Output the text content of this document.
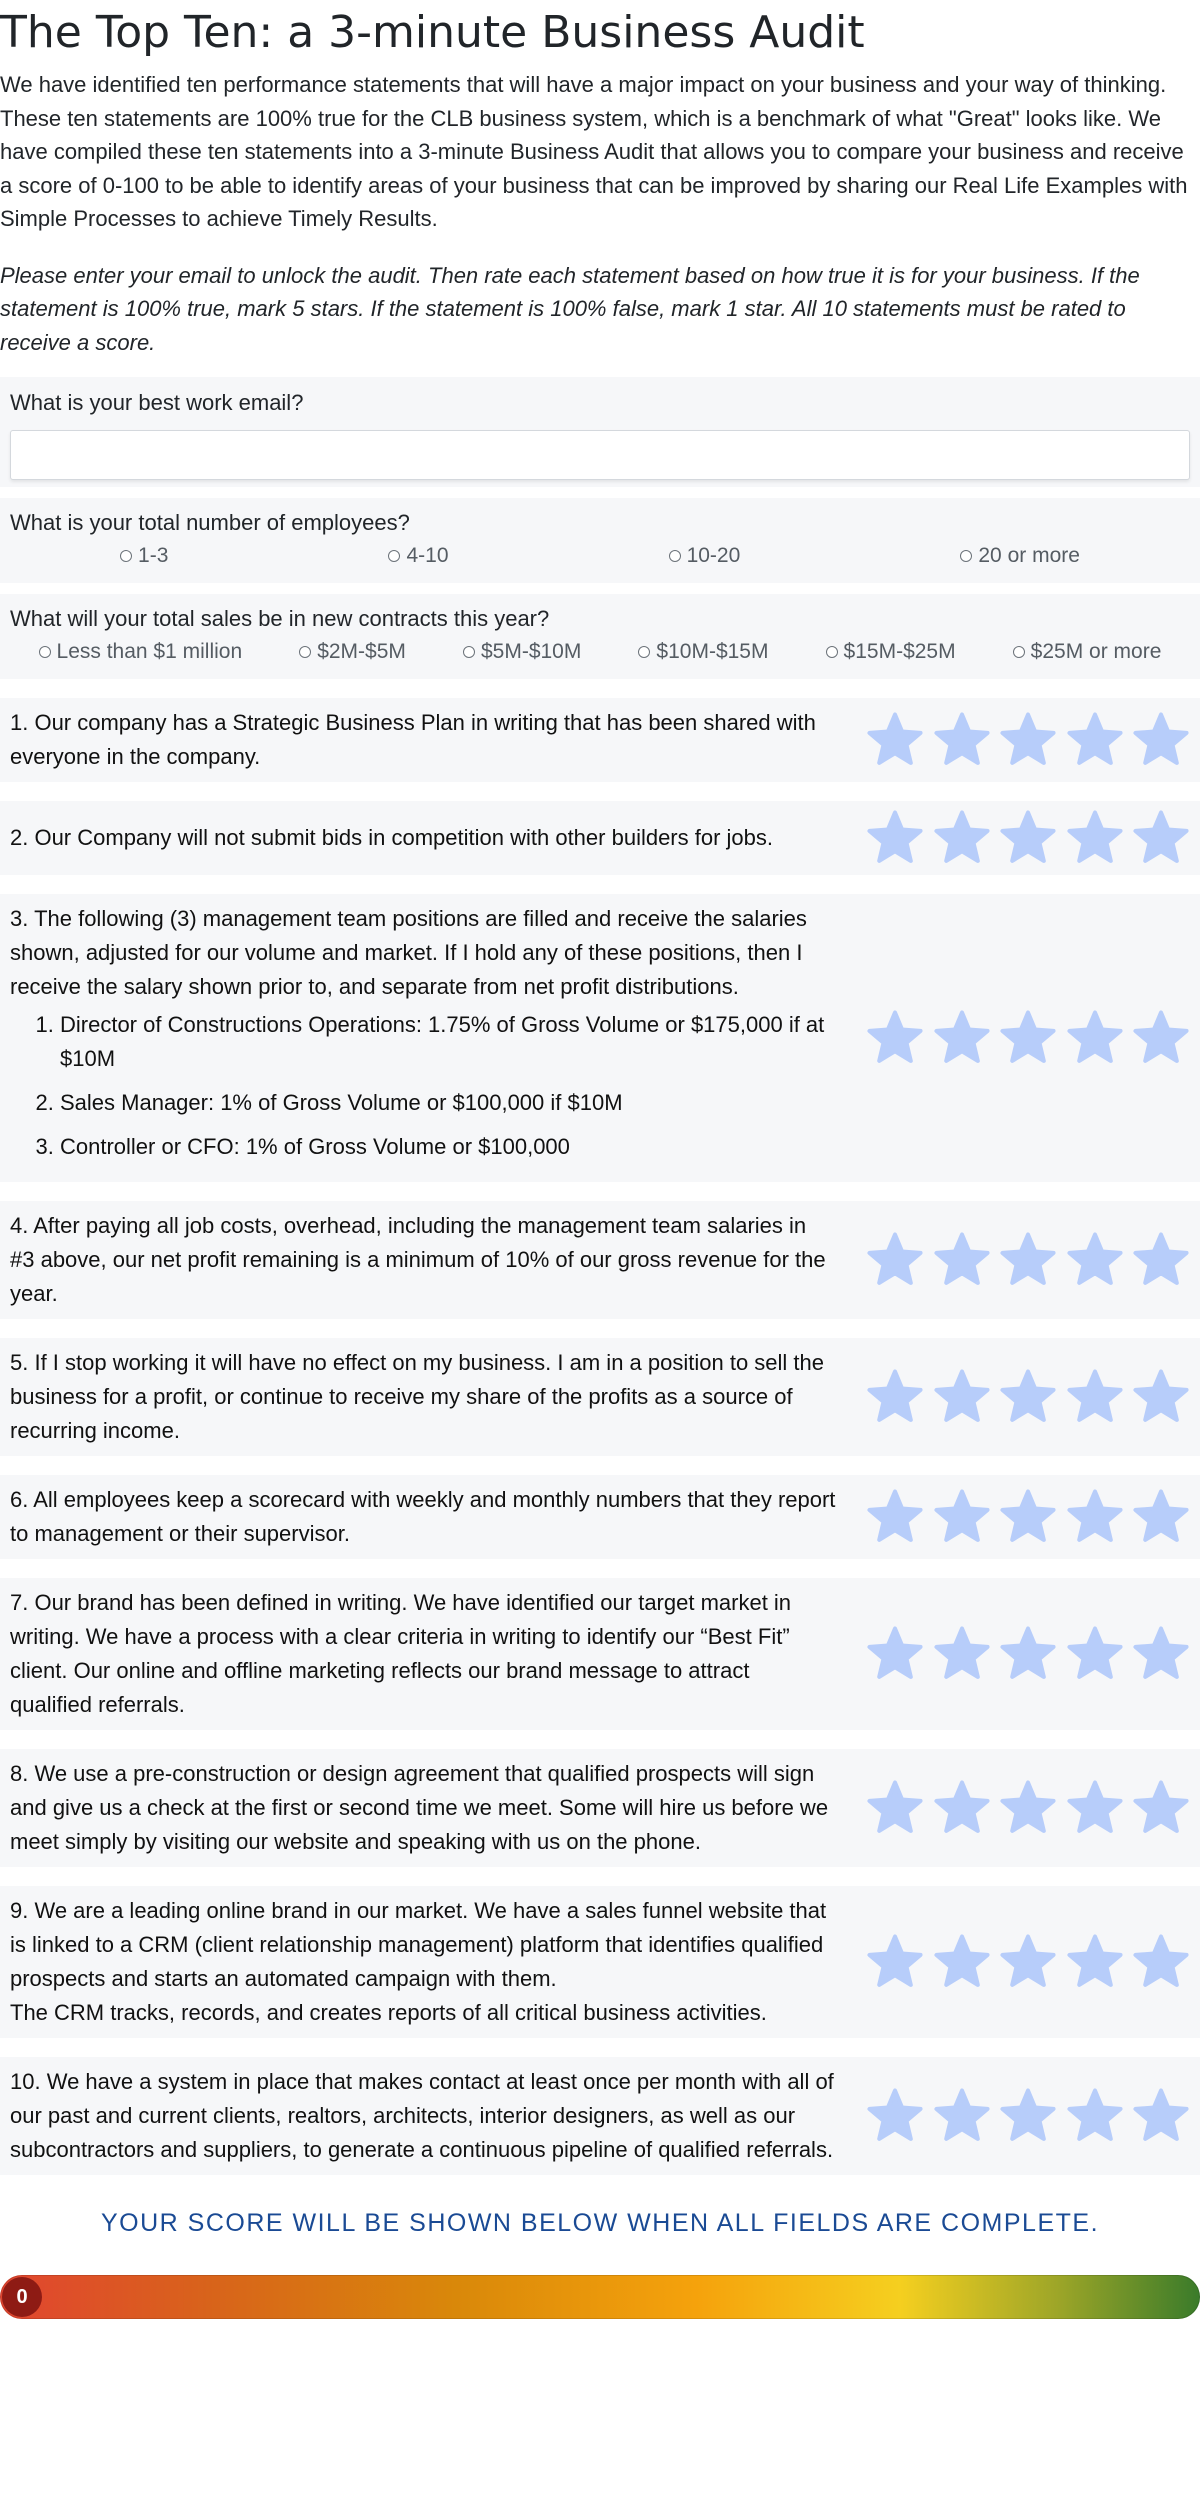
The Top Ten: a 3-minute Business Audit

We have identified ten performance statements that will have a major impact on your business and your way of thinking. These ten statements are 100% true for the CLB business system, which is a benchmark of what "Great" looks like. We have compiled these ten statements into a 3-minute Business Audit that allows you to compare your business and receive a score of 0-100 to be able to identify areas of your business that can be improved by sharing our Real Life Examples with Simple Processes to achieve Timely Results.

Please enter your email to unlock the audit. Then rate each statement based on how true it is for your business. If the statement is 100% true, mark 5 stars. If the statement is 100% false, mark 1 star. All 10 statements must be rated to receive a score.

What is your best work email?
What is your total number of employees?
1-3	4-10	10-20	20 or more
What will your total sales be in new contracts this year?
Less than $1 million	$2M-$5M	$5M-$10M	$10M-$15M	$15M-$25M	$25M or more
1. Our company has a Strategic Business Plan in writing that has been shared with everyone in the company.
2. Our Company will not submit bids in competition with other builders for jobs.
3. The following (3) management team positions are filled and receive the salaries shown, adjusted for our volume and market. If I hold any of these positions, then I receive the salary shown prior to, and separate from net profit distributions.
1. Director of Constructions Operations: 1.75% of Gross Volume or $175,000 if at $10M
2. Sales Manager: 1% of Gross Volume or $100,000 if $10M
3. Controller or CFO: 1% of Gross Volume or $100,000
4. After paying all job costs, overhead, including the management team salaries in #3 above, our net profit remaining is a minimum of 10% of our gross revenue for the year.
5. If I stop working it will have no effect on my business. I am in a position to sell the business for a profit, or continue to receive my share of the profits as a source of recurring income.
6. All employees keep a scorecard with weekly and monthly numbers that they report to management or their supervisor.
7. Our brand has been defined in writing. We have identified our target market in writing. We have a process with a clear criteria in writing to identify our “Best Fit” client. Our online and offline marketing reflects our brand message to attract qualified referrals.
8. We use a pre-construction or design agreement that qualified prospects will sign and give us a check at the first or second time we meet. Some will hire us before we meet simply by visiting our website and speaking with us on the phone.
9. We are a leading online brand in our market. We have a sales funnel website that is linked to a CRM (client relationship management) platform that identifies qualified prospects and starts an automated campaign with them.
The CRM tracks, records, and creates reports of all critical business activities.
10. We have a system in place that makes contact at least once per month with all of our past and current clients, realtors, architects, interior designers, as well as our subcontractors and suppliers, to generate a continuous pipeline of qualified referrals.
YOUR SCORE WILL BE SHOWN BELOW WHEN ALL FIELDS ARE COMPLETE.
0
